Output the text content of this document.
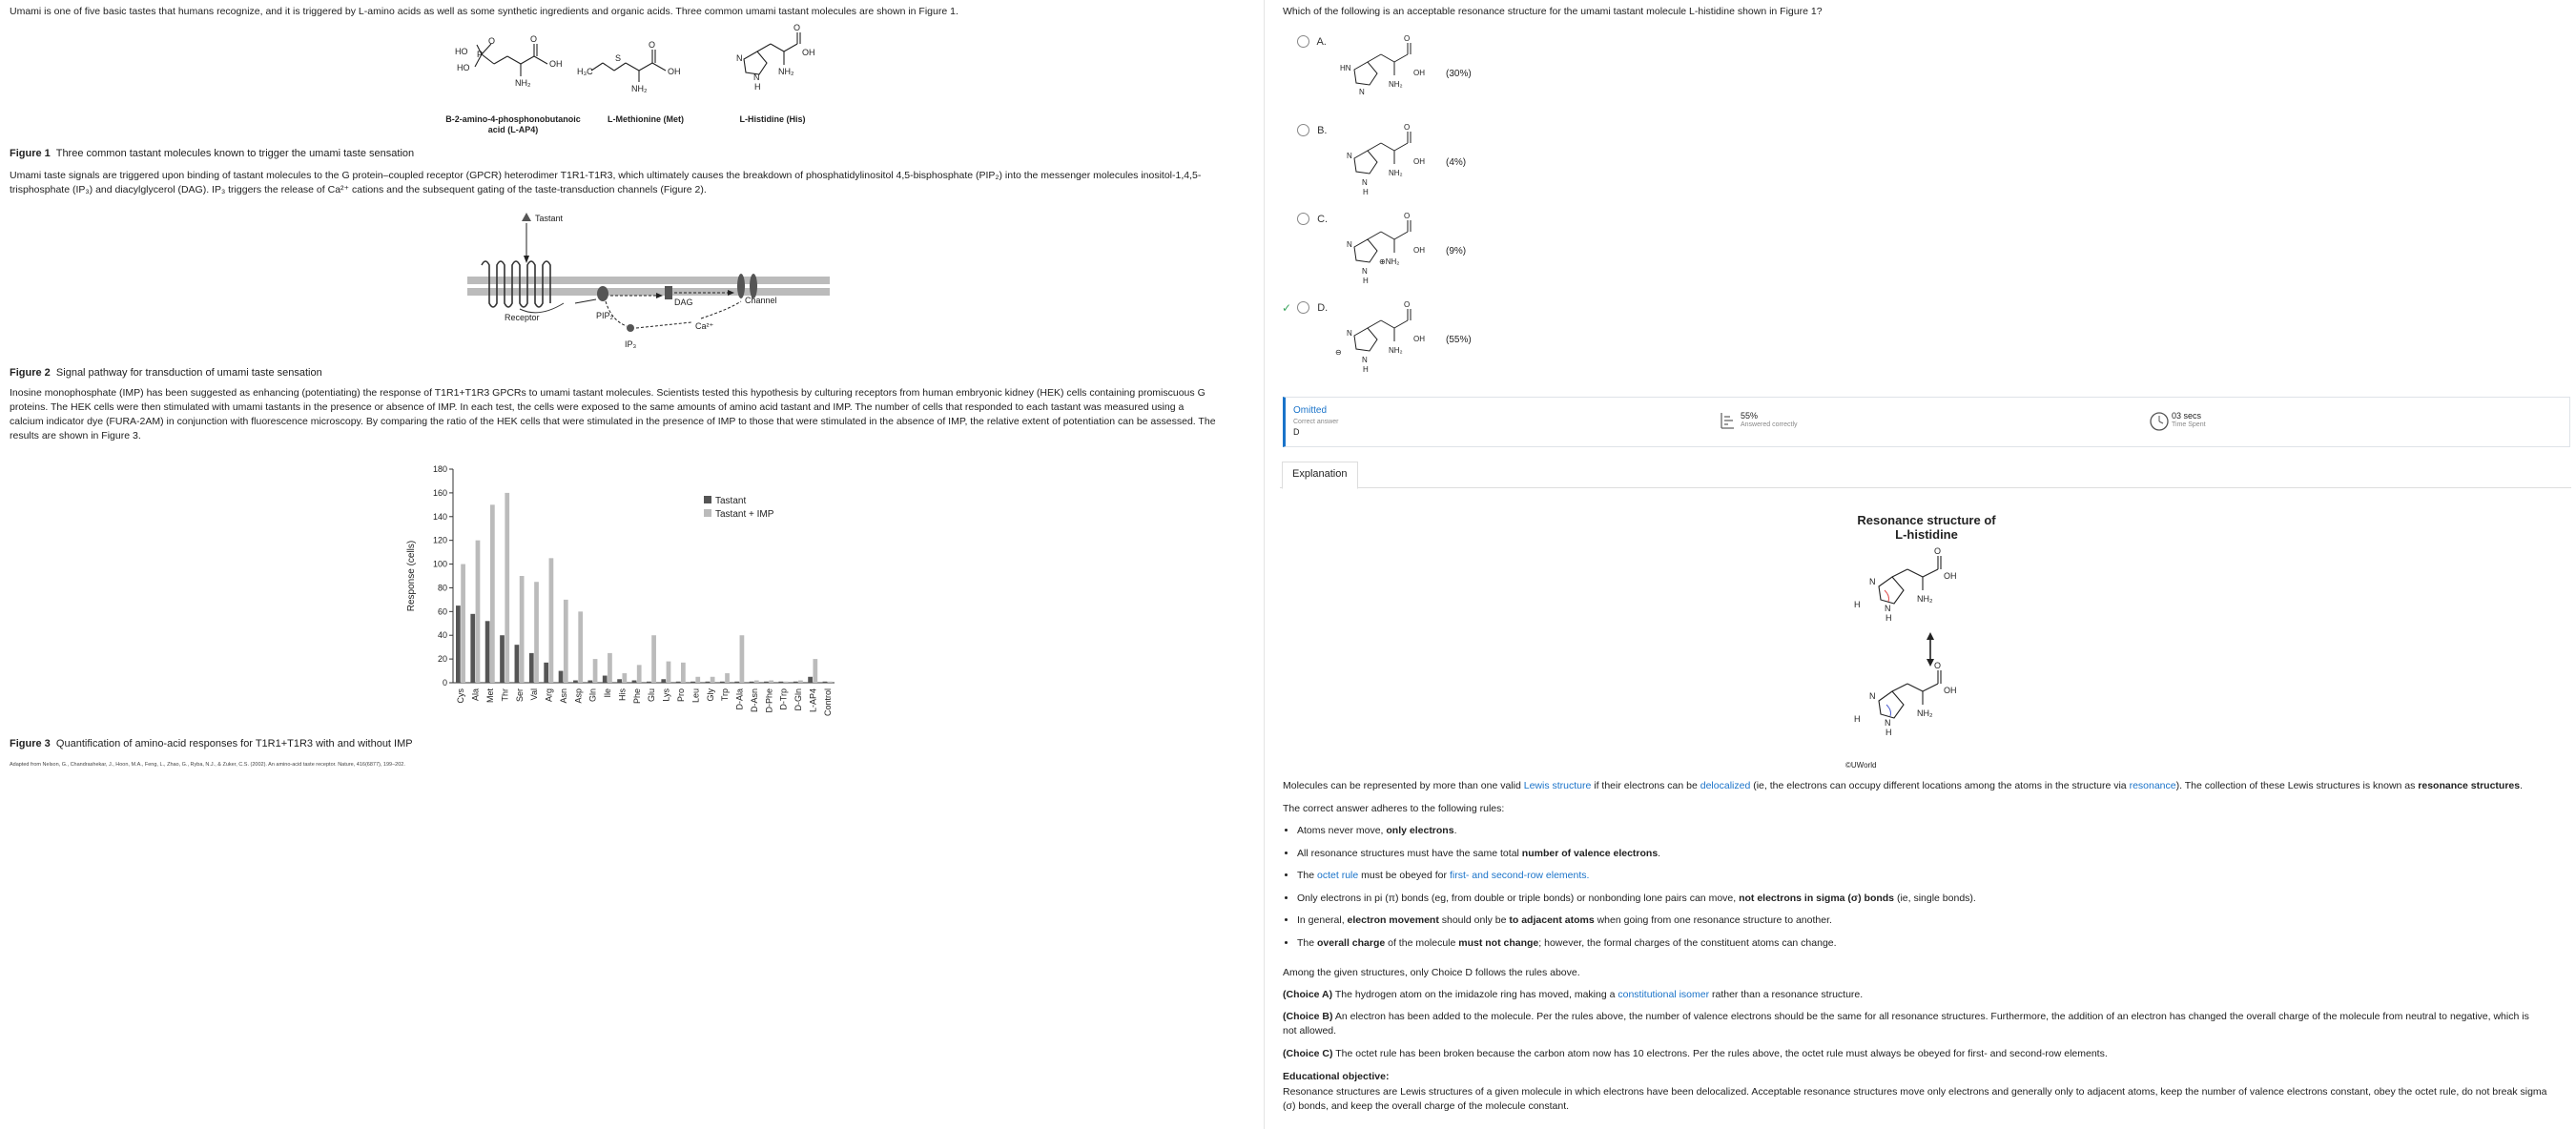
Umami is one of five basic tastes that humans recognize, and it is triggered by L-amino acids as well as some synthetic ingredients and organic acids. Three common umami tastant molecules are shown in Figure 1.
HO P
O
HO
O
OH
NH₂
H₃C
S
O
OH
NH₂
N
N
H
O
OH
NH₂
B-2-amino-4-phosphonobutanoic
acid (L-AP4)
L-Methionine (Met)	L-Histidine (His)
Figure 1 Three common tastant molecules known to trigger the umami taste sensation
Umami taste signals are triggered upon binding of tastant molecules to the G protein–coupled receptor (GPCR) heterodimer T1R1-T1R3, which ultimately causes the breakdown of phosphatidylinositol 4,5-bisphosphate (PIP₂) into the messenger molecules inositol-1,4,5-
trisphosphate (IP₃) and diacylglycerol (DAG). IP₃ triggers the release of Ca²⁺ cations and the subsequent gating of the taste-transduction channels (Figure 2).
Tastant
Receptor	PIP₂
DAG	Channel
IP₃
Ca²⁺
Figure 2 Signal pathway for transduction of umami taste sensation
Inosine monophosphate (IMP) has been suggested as enhancing (potentiating) the response of T1R1+T1R3 GPCRs to umami tastant molecules. Scientists tested this hypothesis by culturing receptors from human embryonic kidney (HEK) cells containing promiscuous G
proteins. The HEK cells were then stimulated with umami tastants in the presence or absence of IMP. In each test, the cells were exposed to the same amounts of amino acid tastant and IMP. The number of cells that responded to each tastant was measured using a
calcium indicator dye (FURA-2AM) in conjunction with fluorescence microscopy. By comparing the ratio of the HEK cells that were stimulated in the presence of IMP to those that were stimulated in the absence of IMP, the relative extent of potentiation can be assessed. The
results are shown in Figure 3.
0
20
40
60
80
100
120
140
160
180
Response (cells)
Cys Ala Met Thr Ser Val Arg Asn Asp Gln Ile His Phe Glu Lys Pro Leu Gly Trp D-Ala D-Asn D-Phe D-Trp D-Gln L-AP4 Control
Tastant
Tastant + IMP
Figure 3 Quantification of amino-acid responses for T1R1+T1R3 with and without IMP
Adapted from Nelson, G., Chandrashekar, J., Hoon, M.A., Feng, L., Zhao, G., Ryba, N.J., & Zuker, C.S. (2002). An amino-acid taste receptor. Nature, 416(6877), 199–202.
Which of the following is an acceptable resonance structure for the umami tastant molecule L-histidine shown in Figure 1?
A.
B.
C.
✓ D.
O
OH
NH₂
HN
N
O
OH
NH₂
N
N
H
O
OH
⊕NH₂
N
N
H
O
OH
NH₂
N
⊖
N
H
(30%)
(4%)
(9%)
(55%)
Omitted
Correct answer
D
55%
Answered correctly
03 secs
Time Spent
Explanation
Resonance structure of
L-histidine
O
OH
NH₂
N
H	N
H
O
OH
NH₂
N
H	N
H
©UWorld
Molecules can be represented by more than one valid Lewis structure if their electrons can be delocalized (ie, the electrons can occupy different locations among the atoms in the structure via resonance). The collection of these Lewis structures is known as resonance structures.
The correct answer adheres to the following rules:
• Atoms never move, only electrons.
• All resonance structures must have the same total number of valence electrons.
• The octet rule must be obeyed for first- and second-row elements.
• Only electrons in pi (π) bonds (eg, from double or triple bonds) or nonbonding lone pairs can move, not electrons in sigma (σ) bonds (ie, single bonds).
• In general, electron movement should only be to adjacent atoms when going from one resonance structure to another.
• The overall charge of the molecule must not change; however, the formal charges of the constituent atoms can change.
Among the given structures, only Choice D follows the rules above.
(Choice A) The hydrogen atom on the imidazole ring has moved, making a constitutional isomer rather than a resonance structure.
(Choice B) An electron has been added to the molecule. Per the rules above, the number of valence electrons should be the same for all resonance structures. Furthermore, the addition of an electron has changed the overall charge of the molecule from neutral to negative, which is
not allowed.
(Choice C) The octet rule has been broken because the carbon atom now has 10 electrons. Per the rules above, the octet rule must always be obeyed for first- and second-row elements.
Educational objective:
Resonance structures are Lewis structures of a given molecule in which electrons have been delocalized. Acceptable resonance structures move only electrons and generally only to adjacent atoms, keep the number of valence electrons constant, obey the octet rule, do not break sigma
(σ) bonds, and keep the overall charge of the molecule constant.
